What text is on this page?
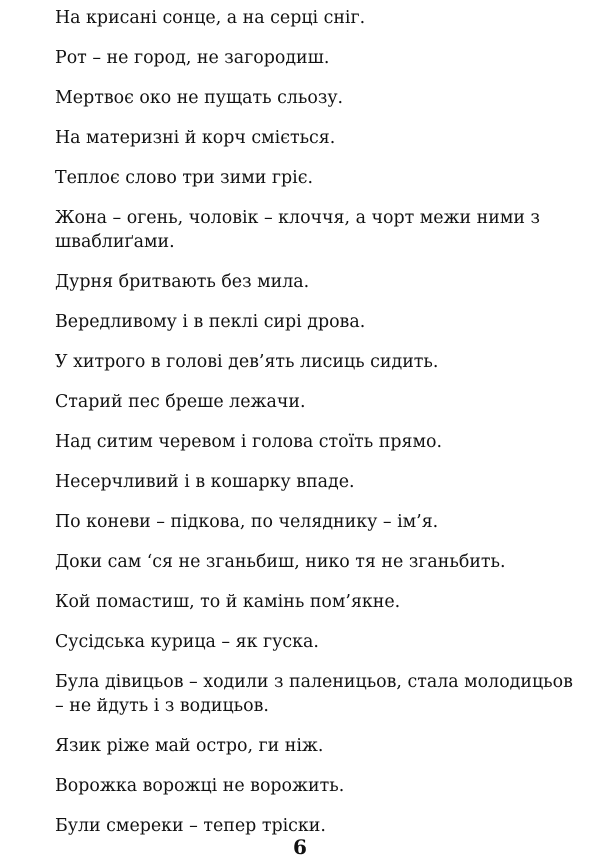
На крисані сонце, а на серці сніг.
Рот – не город, не загородиш.
Мертвоє око не пущать сльозу.
На материзні й корч сміється.
Теплоє слово три зими гріє.
Жона – огень, чоловік – клоччя, а чорт межи ними з шваблиґами.
Дурня бритвають без мила.
Вередливому і в пеклі сирі дрова.
У хитрого в голові дев’ять лисиць сидить.
Старий пес бреше лежачи.
Над ситим черевом і голова стоїть прямо.
Несерчливий і в кошарку впаде.
По коневи – підкова, по челяднику – ім’я.
Доки сам ‘ся не зганьбиш, нико тя не зганьбить.
Кой помастиш, то й камінь пом’якне.
Сусідська курица – як гуска.
Була дівицьов – ходили з паленицьов, стала молодицьов – не йдуть і з водицьов.
Язик ріже май остро, ги ніж.
Ворожка ворожці не ворожить.
Були смереки – тепер тріски.
6
